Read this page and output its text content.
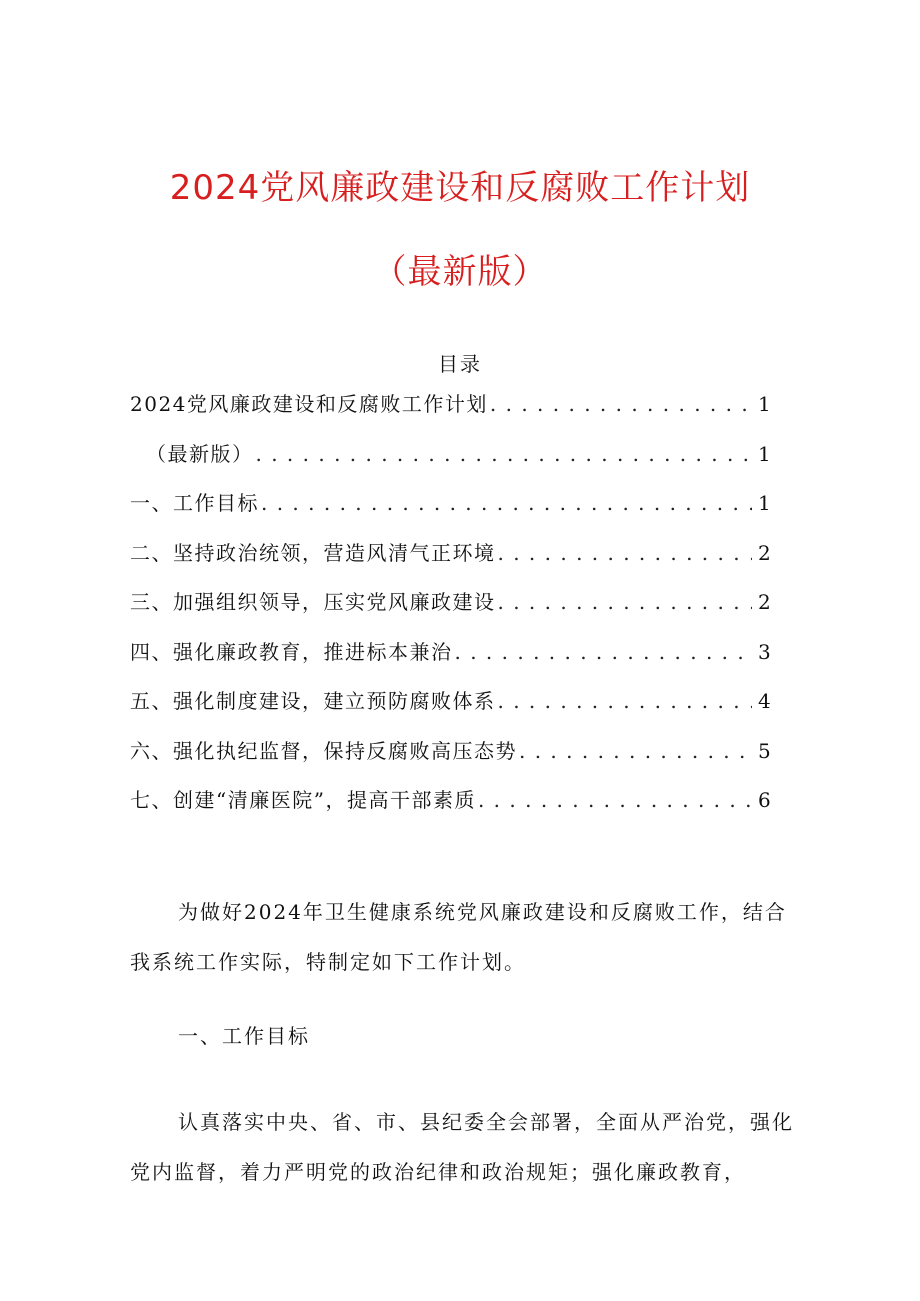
2024党风廉政建设和反腐败工作计划
（最新版）
目录
2024党风廉政建设和反腐败工作计划 . . .	1
（最新版） . . .	1
一、工作目标 . . .	1
二、坚持政治统领，营造风清气正环境 . . .	2
三、加强组织领导，压实党风廉政建设 . . .	2
四、强化廉政教育，推进标本兼治 . . .	3
五、强化制度建设，建立预防腐败体系 . . .	4
六、强化执纪监督，保持反腐败高压态势 . . .	5
七、创建“清廉医院”，提高干部素质 . . .	6

为做好2024年卫生健康系统党风廉政建设和反腐败工作，结合我系统工作实际，特制定如下工作计划。

一、工作目标

认真落实中央、省、市、县纪委全会部署，全面从严治党，强化党内监督，着力严明党的政治纪律和政治规矩；强化廉政教育，
